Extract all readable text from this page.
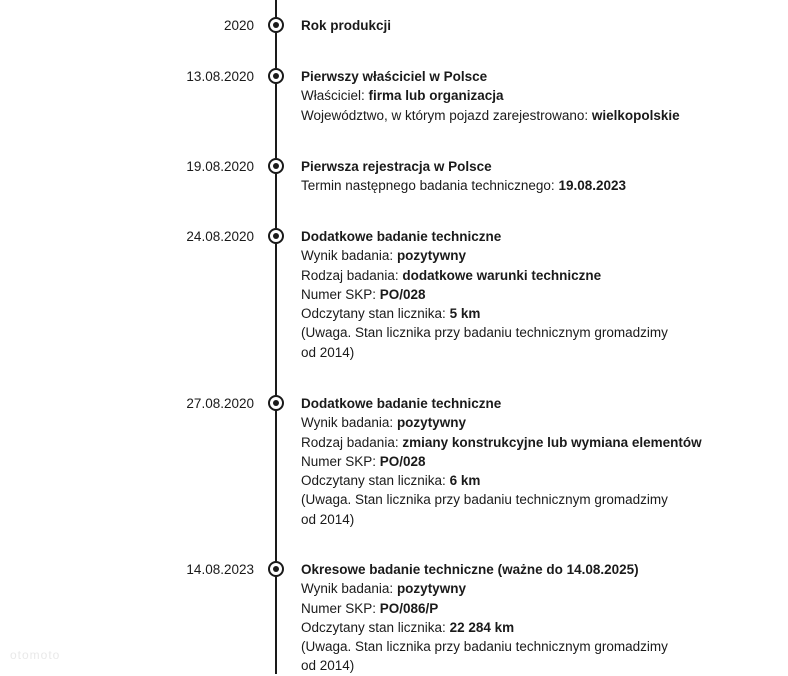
2020	Rok produkcji
13.08.2020	Pierwszy właściciel w Polsce
Właściciel: firma lub organizacja
Województwo, w którym pojazd zarejestrowano: wielkopolskie
19.08.2020	Pierwsza rejestracja w Polsce
Termin następnego badania technicznego: 19.08.2023
24.08.2020	Dodatkowe badanie techniczne
Wynik badania: pozytywny
Rodzaj badania: dodatkowe warunki techniczne
Numer SKP: PO/028
Odczytany stan licznika: 5 km
(Uwaga. Stan licznika przy badaniu technicznym gromadzimy od 2014)
27.08.2020	Dodatkowe badanie techniczne
Wynik badania: pozytywny
Rodzaj badania: zmiany konstrukcyjne lub wymiana elementów
Numer SKP: PO/028
Odczytany stan licznika: 6 km
(Uwaga. Stan licznika przy badaniu technicznym gromadzimy od 2014)
14.08.2023	Okresowe badanie techniczne (ważne do 14.08.2025)
Wynik badania: pozytywny
Numer SKP: PO/086/P
Odczytany stan licznika: 22 284 km
(Uwaga. Stan licznika przy badaniu technicznym gromadzimy od 2014)
otomoto
